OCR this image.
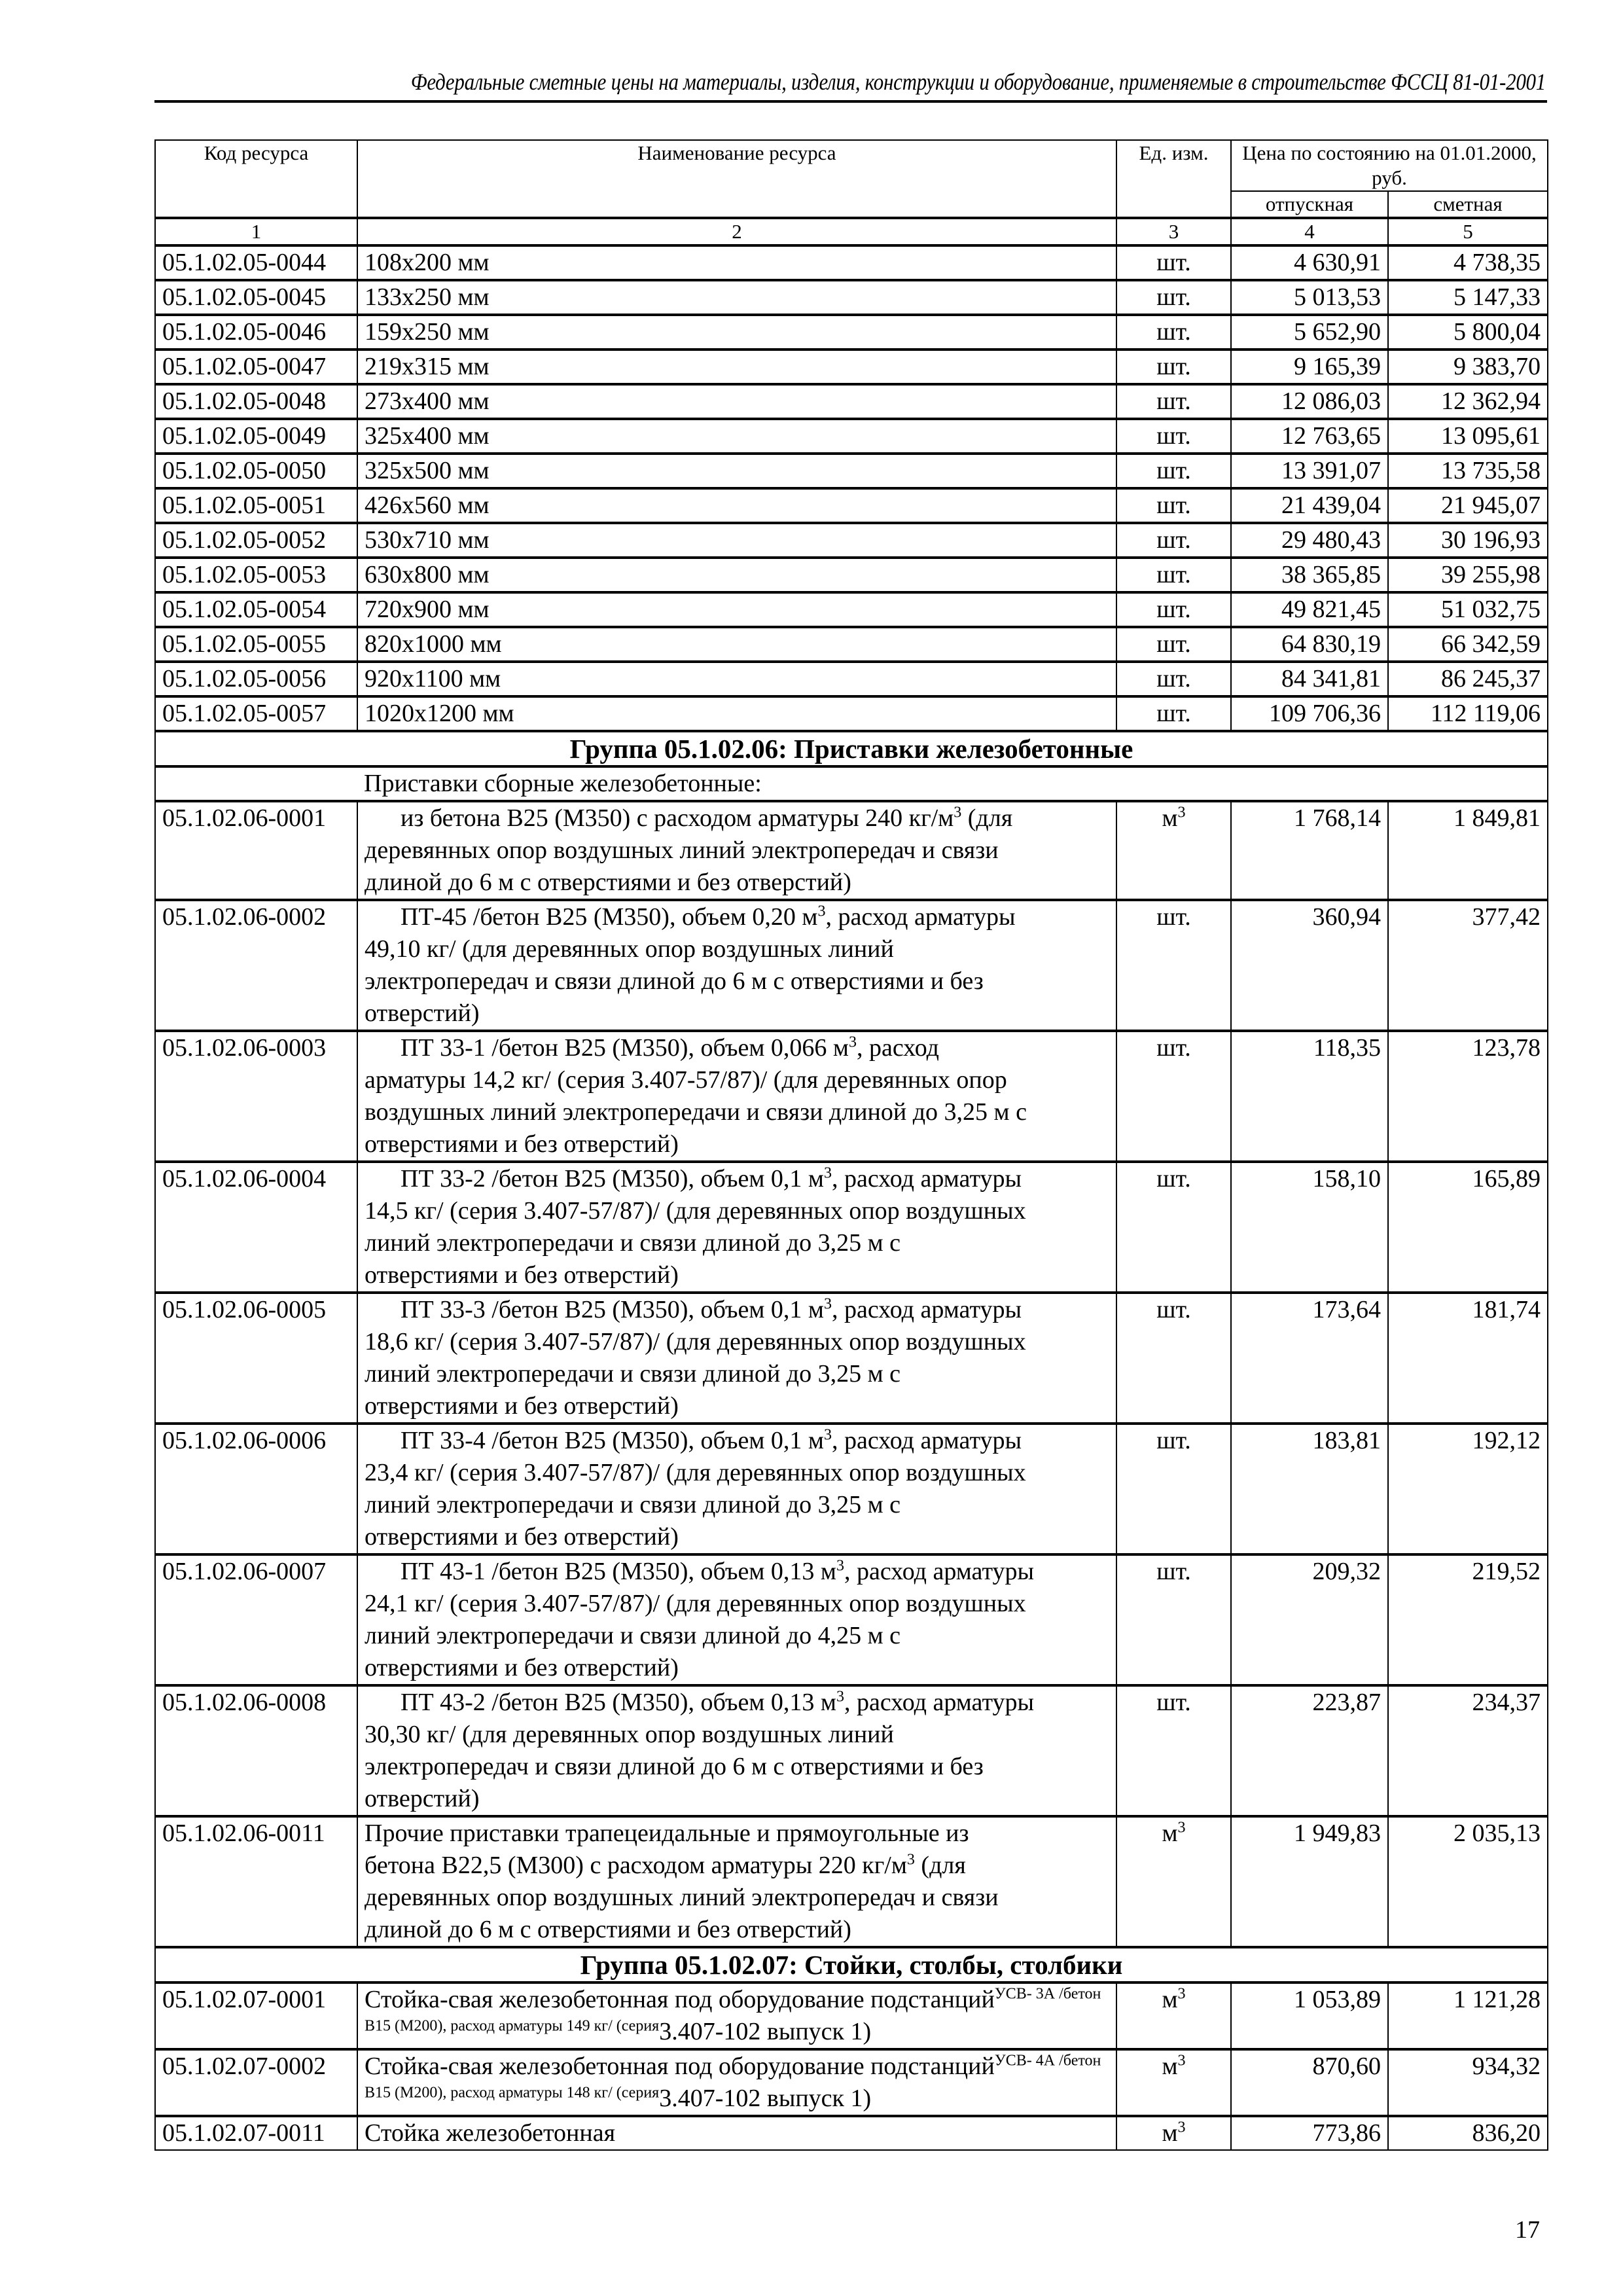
Федеральные сметные цены на материалы, изделия, конструкции и оборудование, применяемые в строительстве ФССЦ 81-01-2001
Код ресурса	Наименование ресурса	Ед. изм.	Цена по состоянию на 01.01.2000, руб.	
			отпускная	сметная
1	2	3	4	5
05.1.02.05-0044	108x200 мм	шт.	4 630,91	4 738,35
05.1.02.05-0045	133x250 мм	шт.	5 013,53	5 147,33
05.1.02.05-0046	159x250 мм	шт.	5 652,90	5 800,04
05.1.02.05-0047	219x315 мм	шт.	9 165,39	9 383,70
05.1.02.05-0048	273x400 мм	шт.	12 086,03	12 362,94
05.1.02.05-0049	325x400 мм	шт.	12 763,65	13 095,61
05.1.02.05-0050	325x500 мм	шт.	13 391,07	13 735,58
05.1.02.05-0051	426x560 мм	шт.	21 439,04	21 945,07
05.1.02.05-0052	530x710 мм	шт.	29 480,43	30 196,93
05.1.02.05-0053	630x800 мм	шт.	38 365,85	39 255,98
05.1.02.05-0054	720x900 мм	шт.	49 821,45	51 032,75
05.1.02.05-0055	820x1000 мм	шт.	64 830,19	66 342,59
05.1.02.05-0056	920x1100 мм	шт.	84 341,81	86 245,37
05.1.02.05-0057	1020x1200 мм	шт.	109 706,36	112 119,06
Группа 05.1.02.06: Приставки железобетонные				
	Приставки сборные железобетонные:			
05.1.02.06-0001	из бетона В25 (М350) с расходом арматуры 240 $кг/м^3$ (для
деревянных опор воздушных линий электропередач и связи
длиной до 6 м с отверстиями и без отверстий)	$м^3$	1 768,14	1 849,81
05.1.02.06-0002	ПТ-45 /бетон В25 (М350), объем 0,20 $м^3$, расход арматуры
49,10 кг/ (для деревянных опор воздушных линий
электропередач и связи длиной до 6 м с отверстиями и без
отверстий)	шт.	360,94	377,42
05.1.02.06-0003	ПТ 33-1 /бетон В25 (М350), объем 0,066 $м^3$, расход
арматуры 14,2 кг/ (серия 3.407-57/87)/ (для деревянных опор
воздушных линий электропередачи и связи длиной до 3,25 м с
отверстиями и без отверстий)	шт.	118,35	123,78
05.1.02.06-0004	ПТ 33-2 /бетон В25 (М350), объем 0,1 $м^3$, расход арматуры
14,5 кг/ (серия 3.407-57/87)/ (для деревянных опор воздушных
линий электропередачи и связи длиной до 3,25 м с
отверстиями и без отверстий)	шт.	158,10	165,89
05.1.02.06-0005	ПТ 33-3 /бетон В25 (М350), объем 0,1 $м^3$, расход арматуры
18,6 кг/ (серия 3.407-57/87)/ (для деревянных опор воздушных
линий электропередачи и связи длиной до 3,25 м с
отверстиями и без отверстий)	шт.	173,64	181,74
05.1.02.06-0006	ПТ 33-4 /бетон В25 (М350), объем 0,1 $м^3$, расход арматуры
23,4 кг/ (серия 3.407-57/87)/ (для деревянных опор воздушных
линий электропередачи и связи длиной до 3,25 м с
отверстиями и без отверстий)	шт.	183,81	192,12
05.1.02.06-0007	ПТ 43-1 /бетон В25 (М350), объем 0,13 $м^3$, расход арматуры
24,1 кг/ (серия 3.407-57/87)/ (для деревянных опор воздушных
линий электропередачи и связи длиной до 4,25 м с
отверстиями и без отверстий)	шт.	209,32	219,52
05.1.02.06-0008	ПТ 43-2 /бетон В25 (М350), объем 0,13 $м^3$, расход арматуры
30,30 кг/ (для деревянных опор воздушных линий
электропередач и связи длиной до 6 м с отверстиями и без
отверстий)	шт.	223,87	234,37
05.1.02.06-0011	Прочие приставки трапецеидальные и прямоугольные из
бетона В22,5 (М300) с расходом арматуры 220 $кг/м^3$ (для
деревянных опор воздушных линий электропередач и связи
длиной до 6 м с отверстиями и без отверстий)	$м^3$	1 949,83	2 035,13
Группа 05.1.02.07: Стойки, столбы, столбики				
05.1.02.07-0001	Стойка-свая железобетонная под оборудование подстанций$^{УСВ- 3А /бетон В15 (М200), расход арматуры 149 кг/ (серия}$3.407-102 выпуск 1)	$м^3$	1 053,89	1 121,28
05.1.02.07-0002	Стойка-свая железобетонная под оборудование подстанций$^{УСВ- 4А /бетон В15 (М200), расход арматуры 148 кг/ (серия}$3.407-102 выпуск 1)	$м^3$	870,60	934,32
05.1.02.07-0011	Стойка железобетонная	$м^3$	773,86	836,20
17
